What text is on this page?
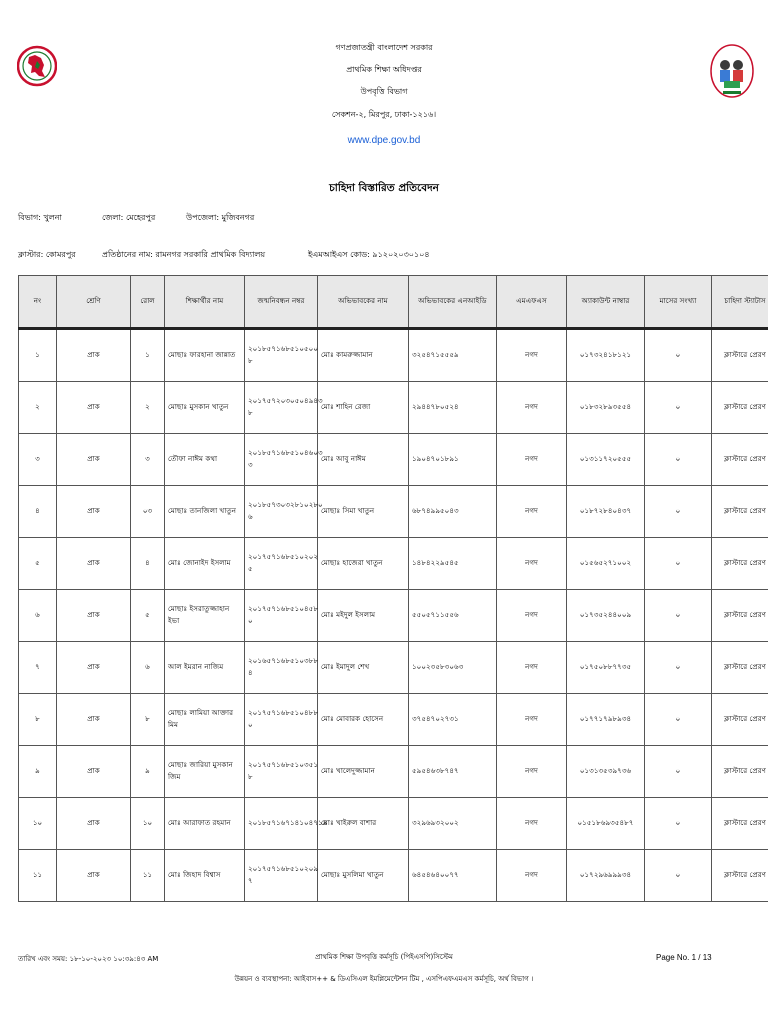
গণপ্রজাতন্ত্রী বাংলাদেশ সরকার
প্রাথমিক শিক্ষা অধিদপ্তর
উপবৃত্তি বিভাগ
সেকশন-২, মিরপুর, ঢাকা-১২১৬।
www.dpe.gov.bd
চাহিদা বিস্তারিত প্রতিবেদন
বিভাগ: খুলনা	জেলা: মেহেরপুর	উপজেলা: মুজিবনগর
ক্লাস্টার: কোমরপুর	প্রতিষ্ঠানের নাম: রামনগর সরকারি প্রাথমিক বিদ্যালয়	ইএমআইএস কোড: ৯১২০২০৩০১০৪
নং	শ্রেণি	রোল	শিক্ষার্থীর নাম	জন্মনিবন্ধন নম্বর	অভিভাবকের নাম	অভিভাবকের এনআইডি	এমএফএস	অ্যাকাউন্ট নাম্বার	মাসের সংখ্যা	চাহিদা স্ট্যাটাস
১	প্রাক	১	মোছাঃ ফারহানা জান্নাত	২০১৮৫৭১৬৮৫১০৫০০ ৮	মোঃ কামরুজ্জামান	৩২৫৪৭১৫৫৫৯	নগদ	০১৭৩২৪১৮১২১	০	ক্লাস্টারে প্রেরণ
২	প্রাক	২	মোছাঃ মুসকান খাতুন	২০১৭৫৭২০৩০৫০৪৯৪৩ ৮	মোঃ শাহিন রেজা	২৯৪৪৭৮০৫২৪	নগদ	০১৮৩২৮৯৩৫৫৪	০	ক্লাস্টারে প্রেরণ
৩	প্রাক	৩	তৌফা নাঈম কথা	২০১৮৫৭১৬৮৫১০৪৬০৩ ৩	মোঃ আবু নাঈম	১৯০৪৭০১৮৯১	নগদ	০১৩১১৭২০৫৫৫	০	ক্লাস্টারে প্রেরণ
৪	প্রাক	০৩	মোছাঃ তানজিলা খাতুন	২০১৮৫৭৩০৩২৮১০২৮০ ৬	মোছাঃ সিমা খাতুন	৬৮৭৪৯৯৫০৪৩	নগদ	০১৮৭২৮৪০৪৩৭	০	ক্লাস্টারে প্রেরণ
৫	প্রাক	৪	মোঃ জোনাইদ ইসলাম	২০১৭৫৭১৬৮৫১০২০২ ৫	মোছাঃ হাজেরা খাতুন	১৪৮৪২২৯৫৪৫	নগদ	০১৫৬৫২৭১০০২	০	ক্লাস্টারে প্রেরণ
৬	প্রাক	৫	মোছাঃ ইসরাতুজ্জাহান ইভা	২০১৭৫৭১৬৮৫১০৪৫৮ ০	মোঃ মইদুল ইসলাম	৫৫০৫৭১১৫৫৬	নগদ	০১৭৩৫২৪৪০০৯	০	ক্লাস্টারে প্রেরণ
৭	প্রাক	৬	আল ইমরান নাজিম	২০১৬৫৭১৬৮৫১০৩৮৮ ৪	মোঃ ইমাদুল শেখ	১০০২৩৫৮৩০৬৩	নগদ	০১৭৫০৮৮৭৭৩৫	০	ক্লাস্টারে প্রেরণ
৮	প্রাক	৮	মোছাঃ লামিয়া আক্তার মিম	২০১৭৫৭১৬৮৫১০৪৮৮ ০	মোঃ মোবারক হোসেন	৩৭৫৪৭০২৭৩১	নগদ	০১৭৭১৭৯৮৯৩৪	০	ক্লাস্টারে প্রেরণ
৯	প্রাক	৯	মোছাঃ জারিয়া মুসকান জিম	২০১৭৫৭১৬৮৫১০৩৫১ ৮	মোঃ খালেদুজ্জামান	৫৯৫৪৬৩৮৭৪৭	নগদ	০১৩১৩৫৩৯৭৩৬	০	ক্লাস্টারে প্রেরণ
১০	প্রাক	১০	মোঃ আরাফাত রহমান	২০১৮৫৭১৬৭১৪১০৪৭১৪	মোঃ খাইরুল বাশার	৩২৯৬৯৩২০০২	নগদ	০১৫১৮৬৯৩৫৪৮৭	০	ক্লাস্টারে প্রেরণ
১১	প্রাক	১১	মোঃ জিহাদ বিশ্বাস	২০১৭৫৭১৬৮৫১০২০৯ ৭	মোছাঃ মুসলিমা খাতুন	৬৪৫৪৬৪০০৭৭	নগদ	০১৭২৯৬৯৯৯৩৪	০	ক্লাস্টারে প্রেরণ
তারিখ এবং সময়: ১৮-১০-২০২৩ ১০:৩৯:৪৩ AM	প্রাথমিক শিক্ষা উপবৃত্তি কর্মসূচি (পিইএসপি)সিস্টেম	Page No. 1 / 13
উন্নয়ন ও ব্যবস্থাপনা: আইবাস++ & ডিএসিএল ইমপ্লিমেন্টেশন টিম , এসপিএফএমএস কর্মসূচি, অর্থ বিভাগ ।
